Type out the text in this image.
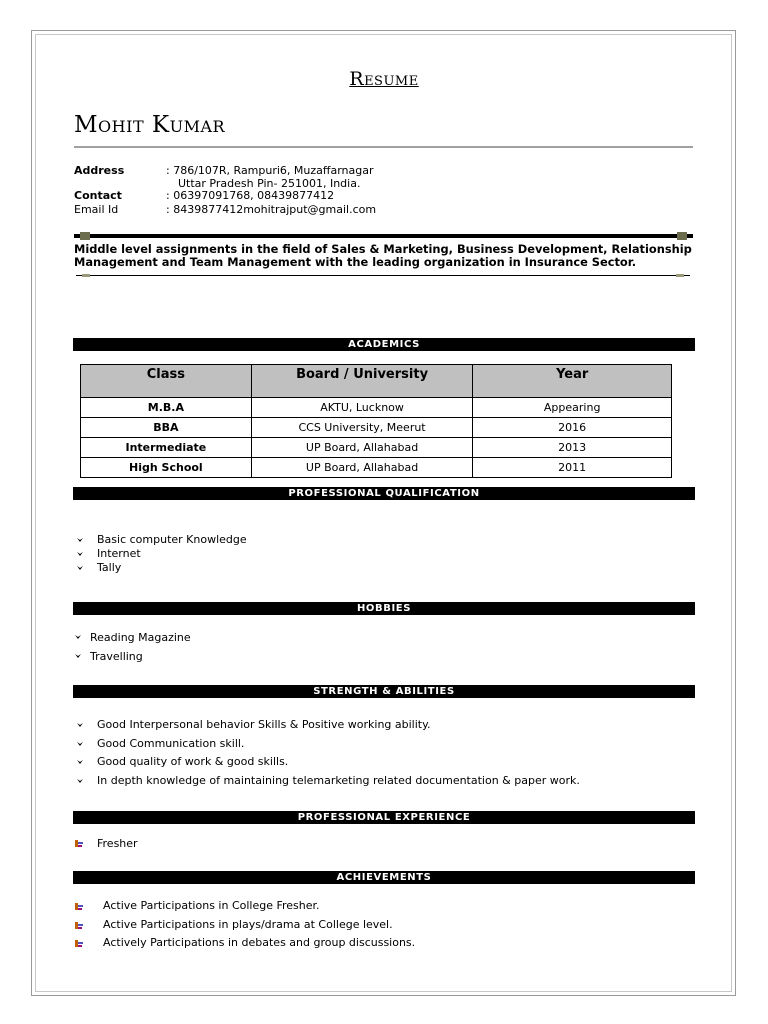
Resume
Mohit Kumar
Address	: 786/107R, Rampuri6, Muzaffarnagar
Uttar Pradesh Pin- 251001, India.
Contact	: 06397091768, 08439877412
Email Id	: 8439877412mohitrajput@gmail.com
Middle level assignments in the field of Sales & Marketing, Business Development, Relationship Management and Team Management with the leading organization in Insurance Sector.
ACADEMICS
Class	Board / University	Year
M.B.A	AKTU, Lucknow	Appearing
BBA	CCS University, Meerut	2016
Intermediate	UP Board, Allahabad	2013
High School	UP Board, Allahabad	2011
PROFESSIONAL QUALIFICATION
Basic computer Knowledge
Internet
Tally
HOBBIES
Reading Magazine
Travelling
STRENGTH & ABILITIES
Good Interpersonal behavior Skills & Positive working ability.
Good Communication skill.
Good quality of work & good skills.
In depth knowledge of maintaining telemarketing related documentation & paper work.
PROFESSIONAL EXPERIENCE
Fresher
ACHIEVEMENTS
Active Participations in College Fresher.
Active Participations in plays/drama at College level.
Actively Participations in debates and group discussions.
